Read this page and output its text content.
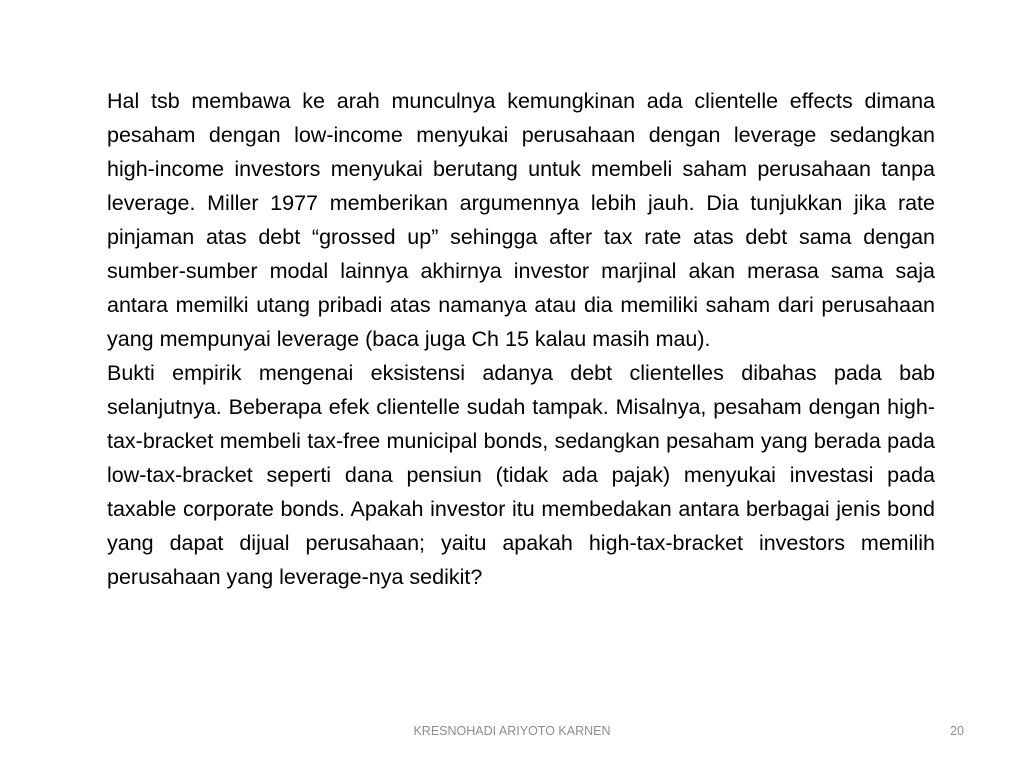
Hal tsb membawa ke arah munculnya kemungkinan ada clientelle effects dimana pesaham dengan low-income menyukai perusahaan dengan leverage sedangkan high-income investors menyukai berutang untuk membeli saham perusahaan tanpa leverage. Miller 1977 memberikan argumennya lebih jauh. Dia tunjukkan jika rate pinjaman atas debt “grossed up” sehingga after tax rate atas debt sama dengan sumber-sumber modal lainnya akhirnya investor marjinal akan merasa sama saja antara memilki utang pribadi atas namanya atau dia memiliki saham dari perusahaan yang mempunyai leverage (baca juga Ch 15 kalau masih mau).

Bukti empirik mengenai eksistensi adanya debt clientelles dibahas pada bab selanjutnya. Beberapa efek clientelle sudah tampak. Misalnya, pesaham dengan high-tax-bracket membeli tax-free municipal bonds, sedangkan pesaham yang berada pada low-tax-bracket seperti dana pensiun (tidak ada pajak) menyukai investasi pada taxable corporate bonds. Apakah investor itu membedakan antara berbagai jenis bond yang dapat dijual perusahaan; yaitu apakah high-tax-bracket investors memilih perusahaan yang leverage-nya sedikit?

KRESNOHADI ARIYOTO KARNEN	20
